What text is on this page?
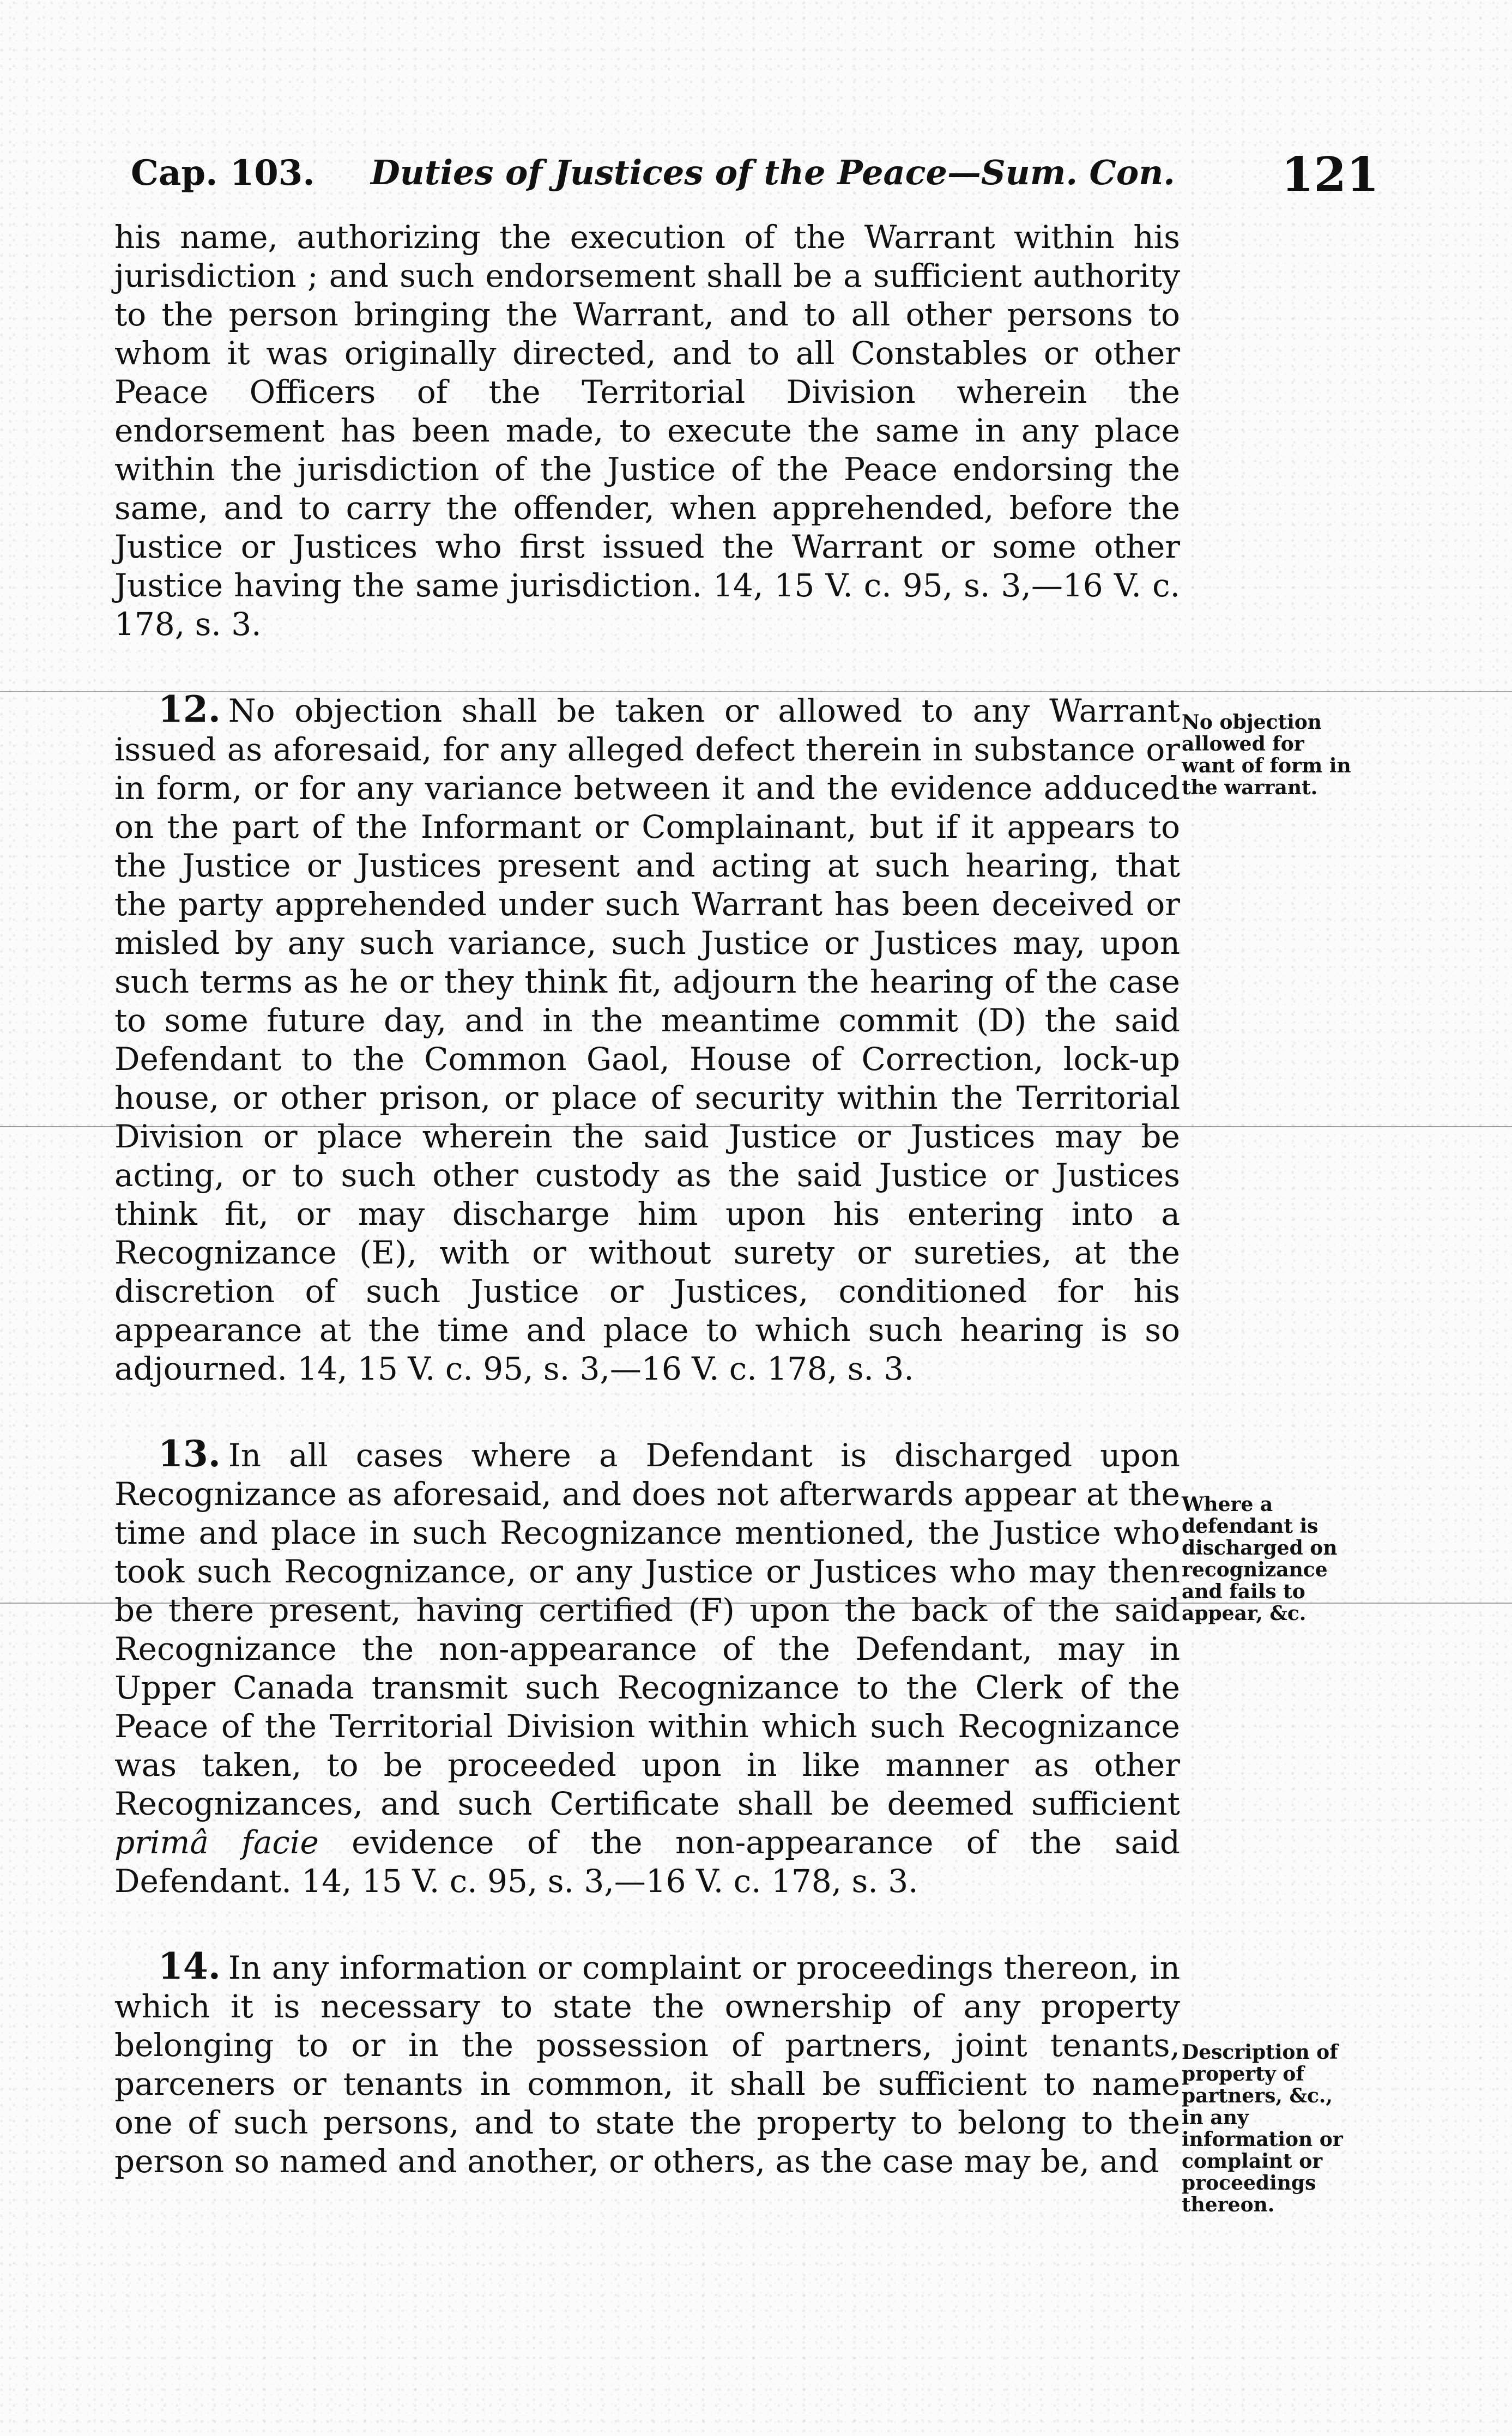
Cap. 103. Duties of Justices of the Peace—Sum. Con. 121

his name, authorizing the execution of the Warrant within his jurisdiction ; and such endorsement shall be a sufficient authority to the person bringing the Warrant, and to all other persons to whom it was originally directed, and to all Constables or other Peace Officers of the Territorial Division wherein the endorsement has been made, to execute the same in any place within the jurisdiction of the Justice of the Peace endorsing the same, and to carry the offender, when apprehended, before the Justice or Justices who first issued the Warrant or some other Justice having the same jurisdiction. 14, 15 V. c. 95, s. 3,—16 V. c. 178, s. 3.

12. No objection shall be taken or allowed to any Warrant issued as aforesaid, for any alleged defect therein in substance or in form, or for any variance between it and the evidence adduced on the part of the Informant or Complainant, but if it appears to the Justice or Justices present and acting at such hearing, that the party apprehended under such Warrant has been deceived or misled by any such variance, such Justice or Justices may, upon such terms as he or they think fit, adjourn the hearing of the case to some future day, and in the meantime commit (D) the said Defendant to the Common Gaol, House of Correction, lock-up house, or other prison, or place of security within the Territorial Division or place wherein the said Justice or Justices may be acting, or to such other custody as the said Justice or Justices think fit, or may discharge him upon his entering into a Recognizance (E), with or without surety or sureties, at the discretion of such Justice or Justices, conditioned for his appearance at the time and place to which such hearing is so adjourned. 14, 15 V. c. 95, s. 3,—16 V. c. 178, s. 3.

13. In all cases where a Defendant is discharged upon Recognizance as aforesaid, and does not afterwards appear at the time and place in such Recognizance mentioned, the Justice who took such Recognizance, or any Justice or Justices who may then be there present, having certified (F) upon the back of the said Recognizance the non-appearance of the Defendant, may in Upper Canada transmit such Recognizance to the Clerk of the Peace of the Territorial Division within which such Recognizance was taken, to be proceeded upon in like manner as other Recognizances, and such Certificate shall be deemed sufficient primâ facie evidence of the non-appearance of the said Defendant. 14, 15 V. c. 95, s. 3,—16 V. c. 178, s. 3.

14. In any information or complaint or proceedings thereon, in which it is necessary to state the ownership of any property belonging to or in the possession of partners, joint tenants, parceners or tenants in common, it shall be sufficient to name one of such persons, and to state the property to belong to the person so named and another, or others, as the case may be, and

No objection allowed for want of form in the warrant.
Where a defendant is discharged on recognizance and fails to appear, &c.
Description of property of partners, &c., in any information or complaint or proceedings thereon.
